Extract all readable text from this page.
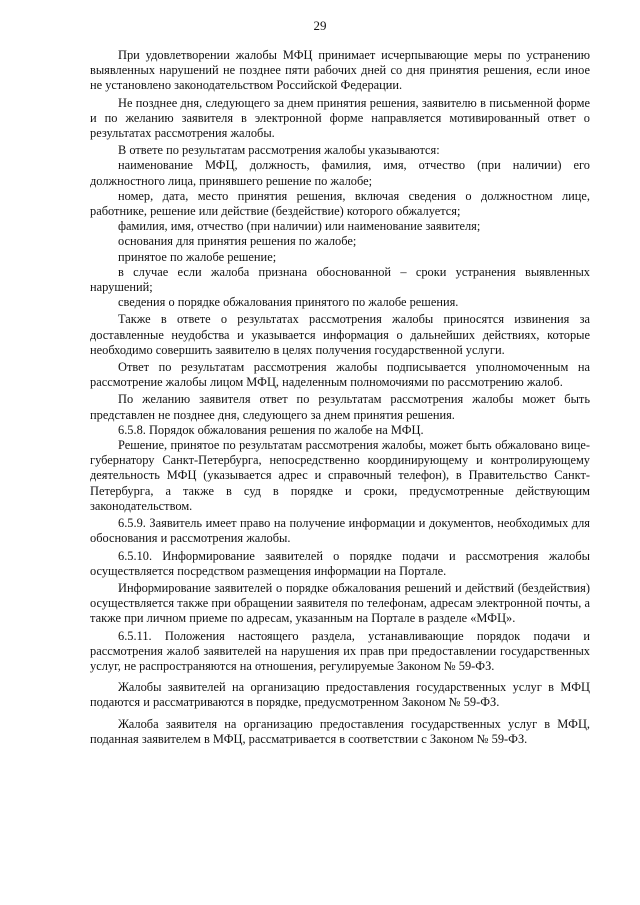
29

При удовлетворении жалобы МФЦ принимает исчерпывающие меры по устранению выявленных нарушений не позднее пяти рабочих дней со дня принятия решения, если иное не установлено законодательством Российской Федерации.

Не позднее дня, следующего за днем принятия решения, заявителю в письменной форме и по желанию заявителя в электронной форме направляется мотивированный ответ о результатах рассмотрения жалобы.

В ответе по результатам рассмотрения жалобы указываются:

наименование МФЦ, должность, фамилия, имя, отчество (при наличии) его должностного лица, принявшего решение по жалобе;

номер, дата, место принятия решения, включая сведения о должностном лице, работнике, решение или действие (бездействие) которого обжалуется;

фамилия, имя, отчество (при наличии) или наименование заявителя;

основания для принятия решения по жалобе;

принятое по жалобе решение;

в случае если жалоба признана обоснованной – сроки устранения выявленных нарушений;

сведения о порядке обжалования принятого по жалобе решения.

Также в ответе о результатах рассмотрения жалобы приносятся извинения за доставленные неудобства и указывается информация о дальнейших действиях, которые необходимо совершить заявителю в целях получения государственной услуги.

Ответ по результатам рассмотрения жалобы подписывается уполномоченным на рассмотрение жалобы лицом МФЦ, наделенным полномочиями по рассмотрению жалоб.

По желанию заявителя ответ по результатам рассмотрения жалобы может быть представлен не позднее дня, следующего за днем принятия решения.

6.5.8. Порядок обжалования решения по жалобе на МФЦ.

Решение, принятое по результатам рассмотрения жалобы, может быть обжаловано вице-губернатору Санкт-Петербурга, непосредственно координирующему и контролирующему деятельность МФЦ (указывается адрес и справочный телефон), в Правительство Санкт-Петербурга, а также в суд в порядке и сроки, предусмотренные действующим законодательством.

6.5.9. Заявитель имеет право на получение информации и документов, необходимых для обоснования и рассмотрения жалобы.

6.5.10. Информирование заявителей о порядке подачи и рассмотрения жалобы осуществляется посредством размещения информации на Портале.

Информирование заявителей о порядке обжалования решений и действий (бездействия) осуществляется также при обращении заявителя по телефонам, адресам электронной почты, а также при личном приеме по адресам, указанным на Портале в разделе «МФЦ».

6.5.11. Положения настоящего раздела, устанавливающие порядок подачи и рассмотрения жалоб заявителей на нарушения их прав при предоставлении государственных услуг, не распространяются на отношения, регулируемые Законом № 59-ФЗ.

Жалобы заявителей на организацию предоставления государственных услуг в МФЦ подаются и рассматриваются в порядке, предусмотренном Законом № 59-ФЗ.

Жалоба заявителя на организацию предоставления государственных услуг в МФЦ, поданная заявителем в МФЦ, рассматривается в соответствии с Законом № 59-ФЗ.
